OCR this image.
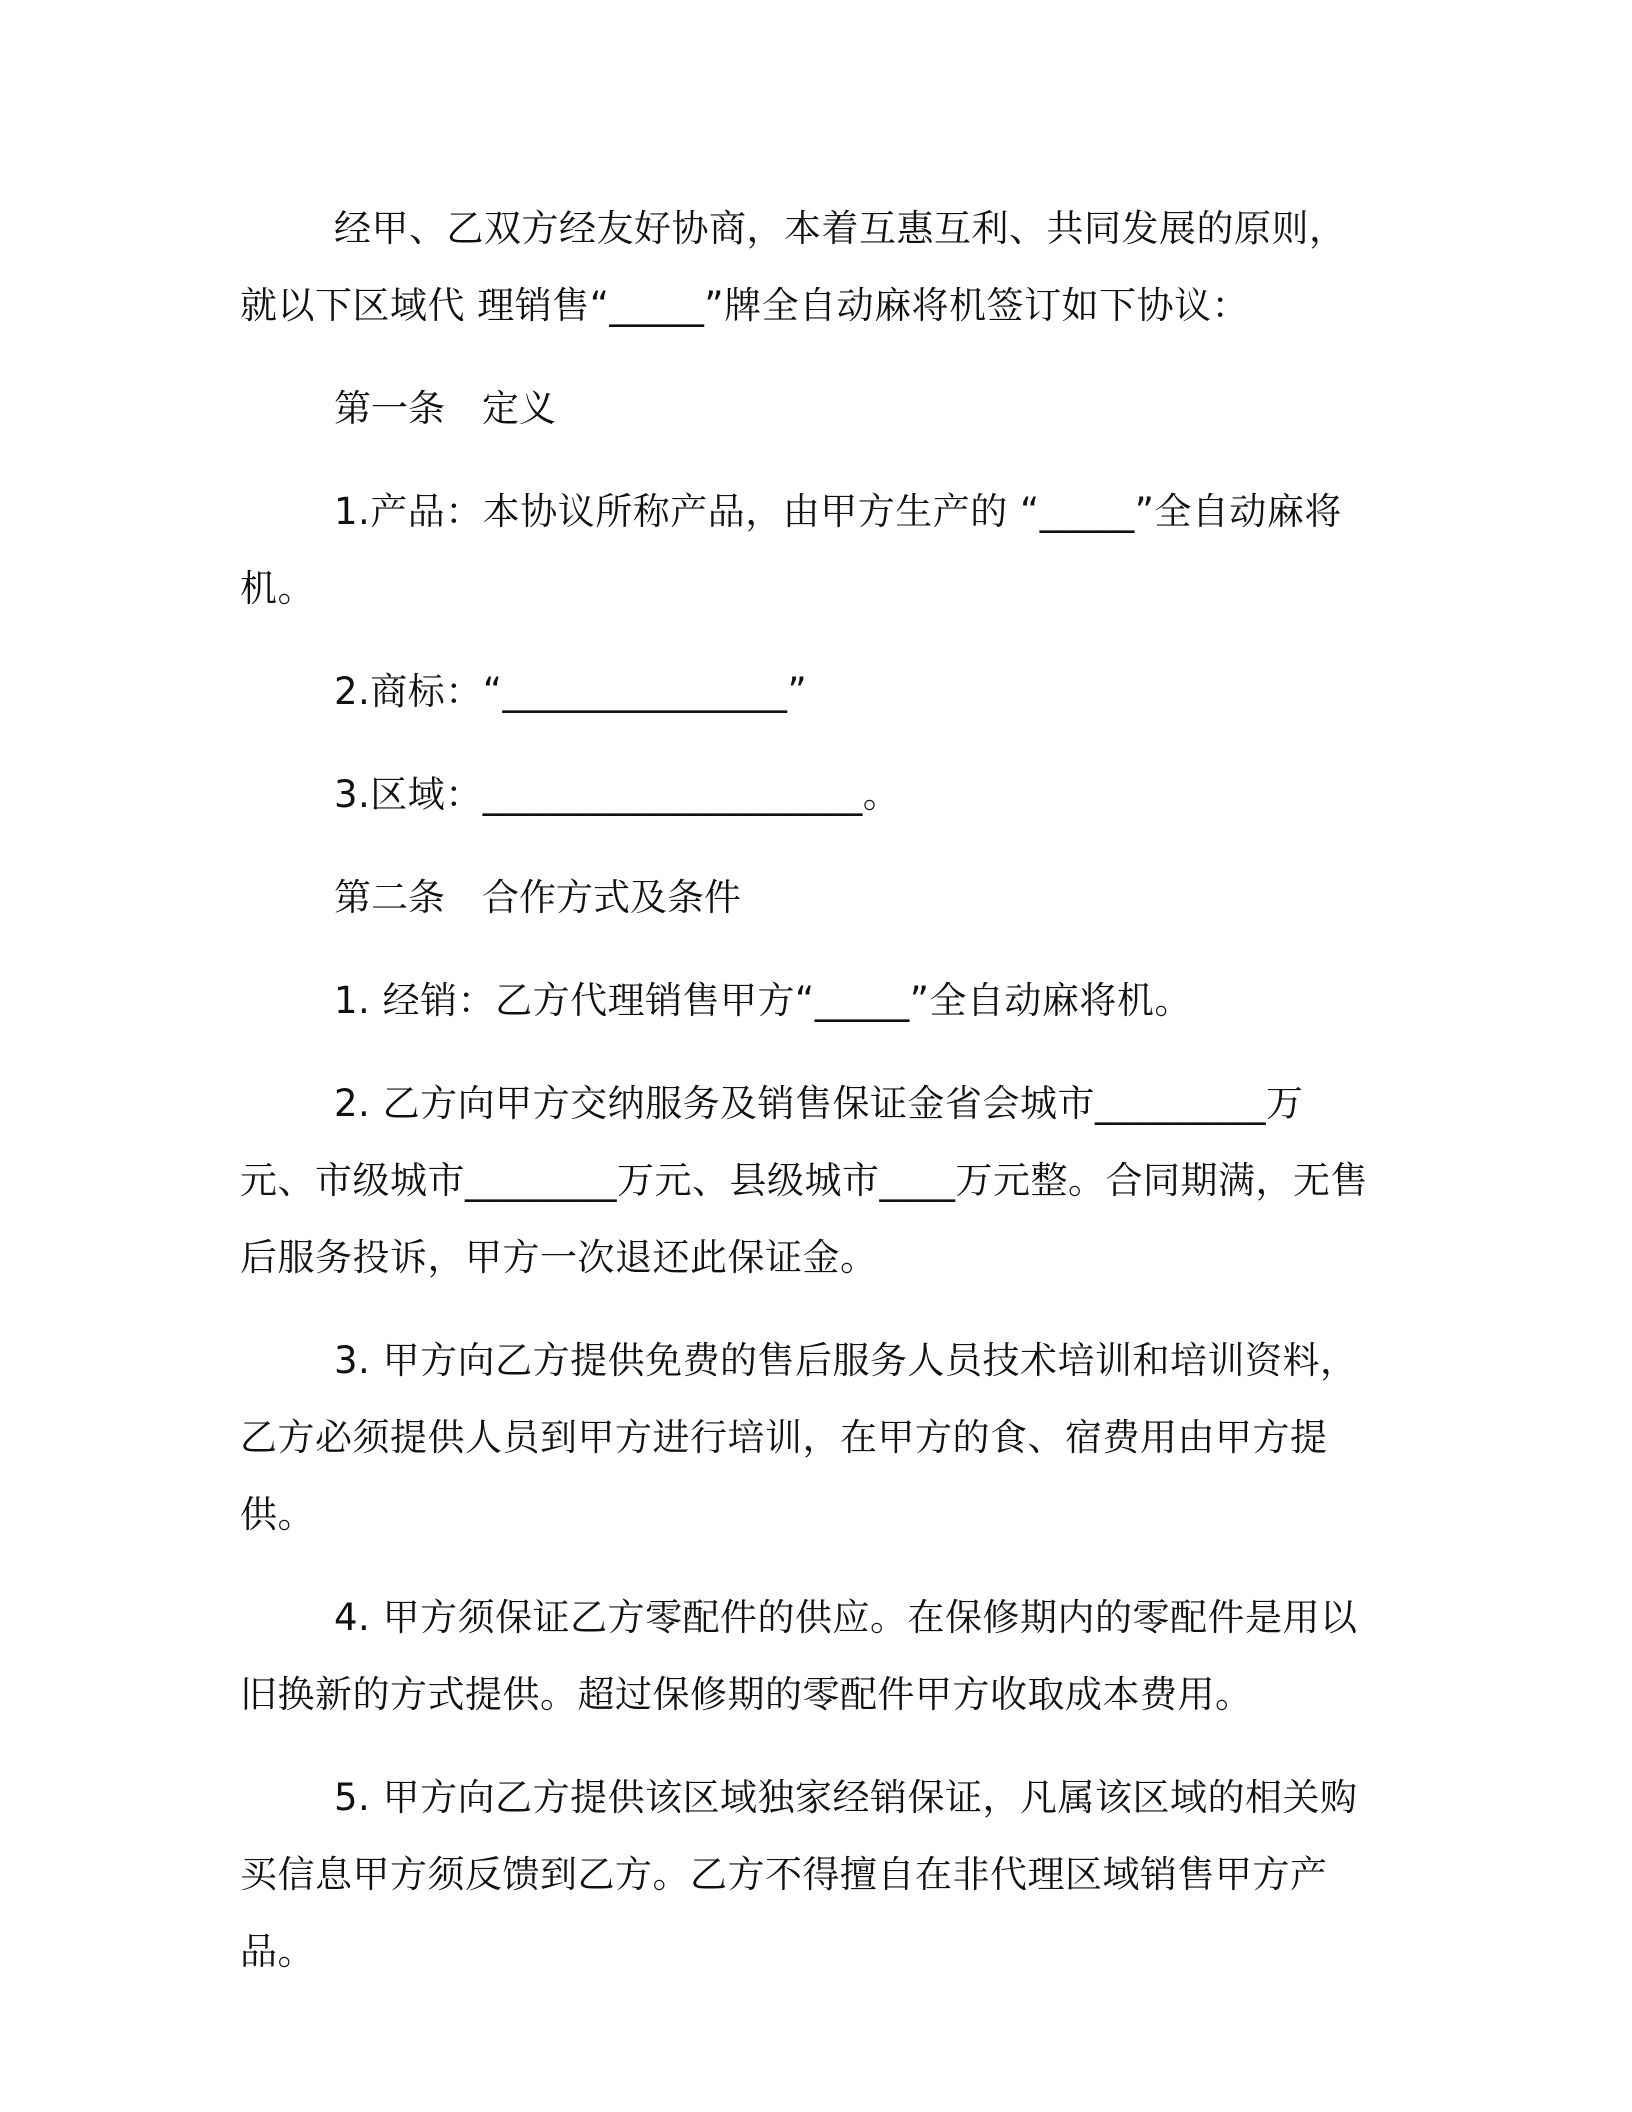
经甲、乙双方经友好协商，本着互惠互利、共同发展的原则，就以下区域代 理销售“_____”牌全自动麻将机签订如下协议：

第一条　定义

1.产品：本协议所称产品，由甲方生产的 “_____”全自动麻将机。

2.商标：“_______________”

3.区域：____________________。

第二条　合作方式及条件

1. 经销：乙方代理销售甲方“_____”全自动麻将机。

2. 乙方向甲方交纳服务及销售保证金省会城市_________万元、市级城市________万元、县级城市____万元整。合同期满，无售后服务投诉，甲方一次退还此保证金。

3. 甲方向乙方提供免费的售后服务人员技术培训和培训资料，乙方必须提供人员到甲方进行培训，在甲方的食、宿费用由甲方提供。

4. 甲方须保证乙方零配件的供应。在保修期内的零配件是用以旧换新的方式提供。超过保修期的零配件甲方收取成本费用。

5. 甲方向乙方提供该区域独家经销保证，凡属该区域的相关购买信息甲方须反馈到乙方。乙方不得擅自在非代理区域销售甲方产品。
